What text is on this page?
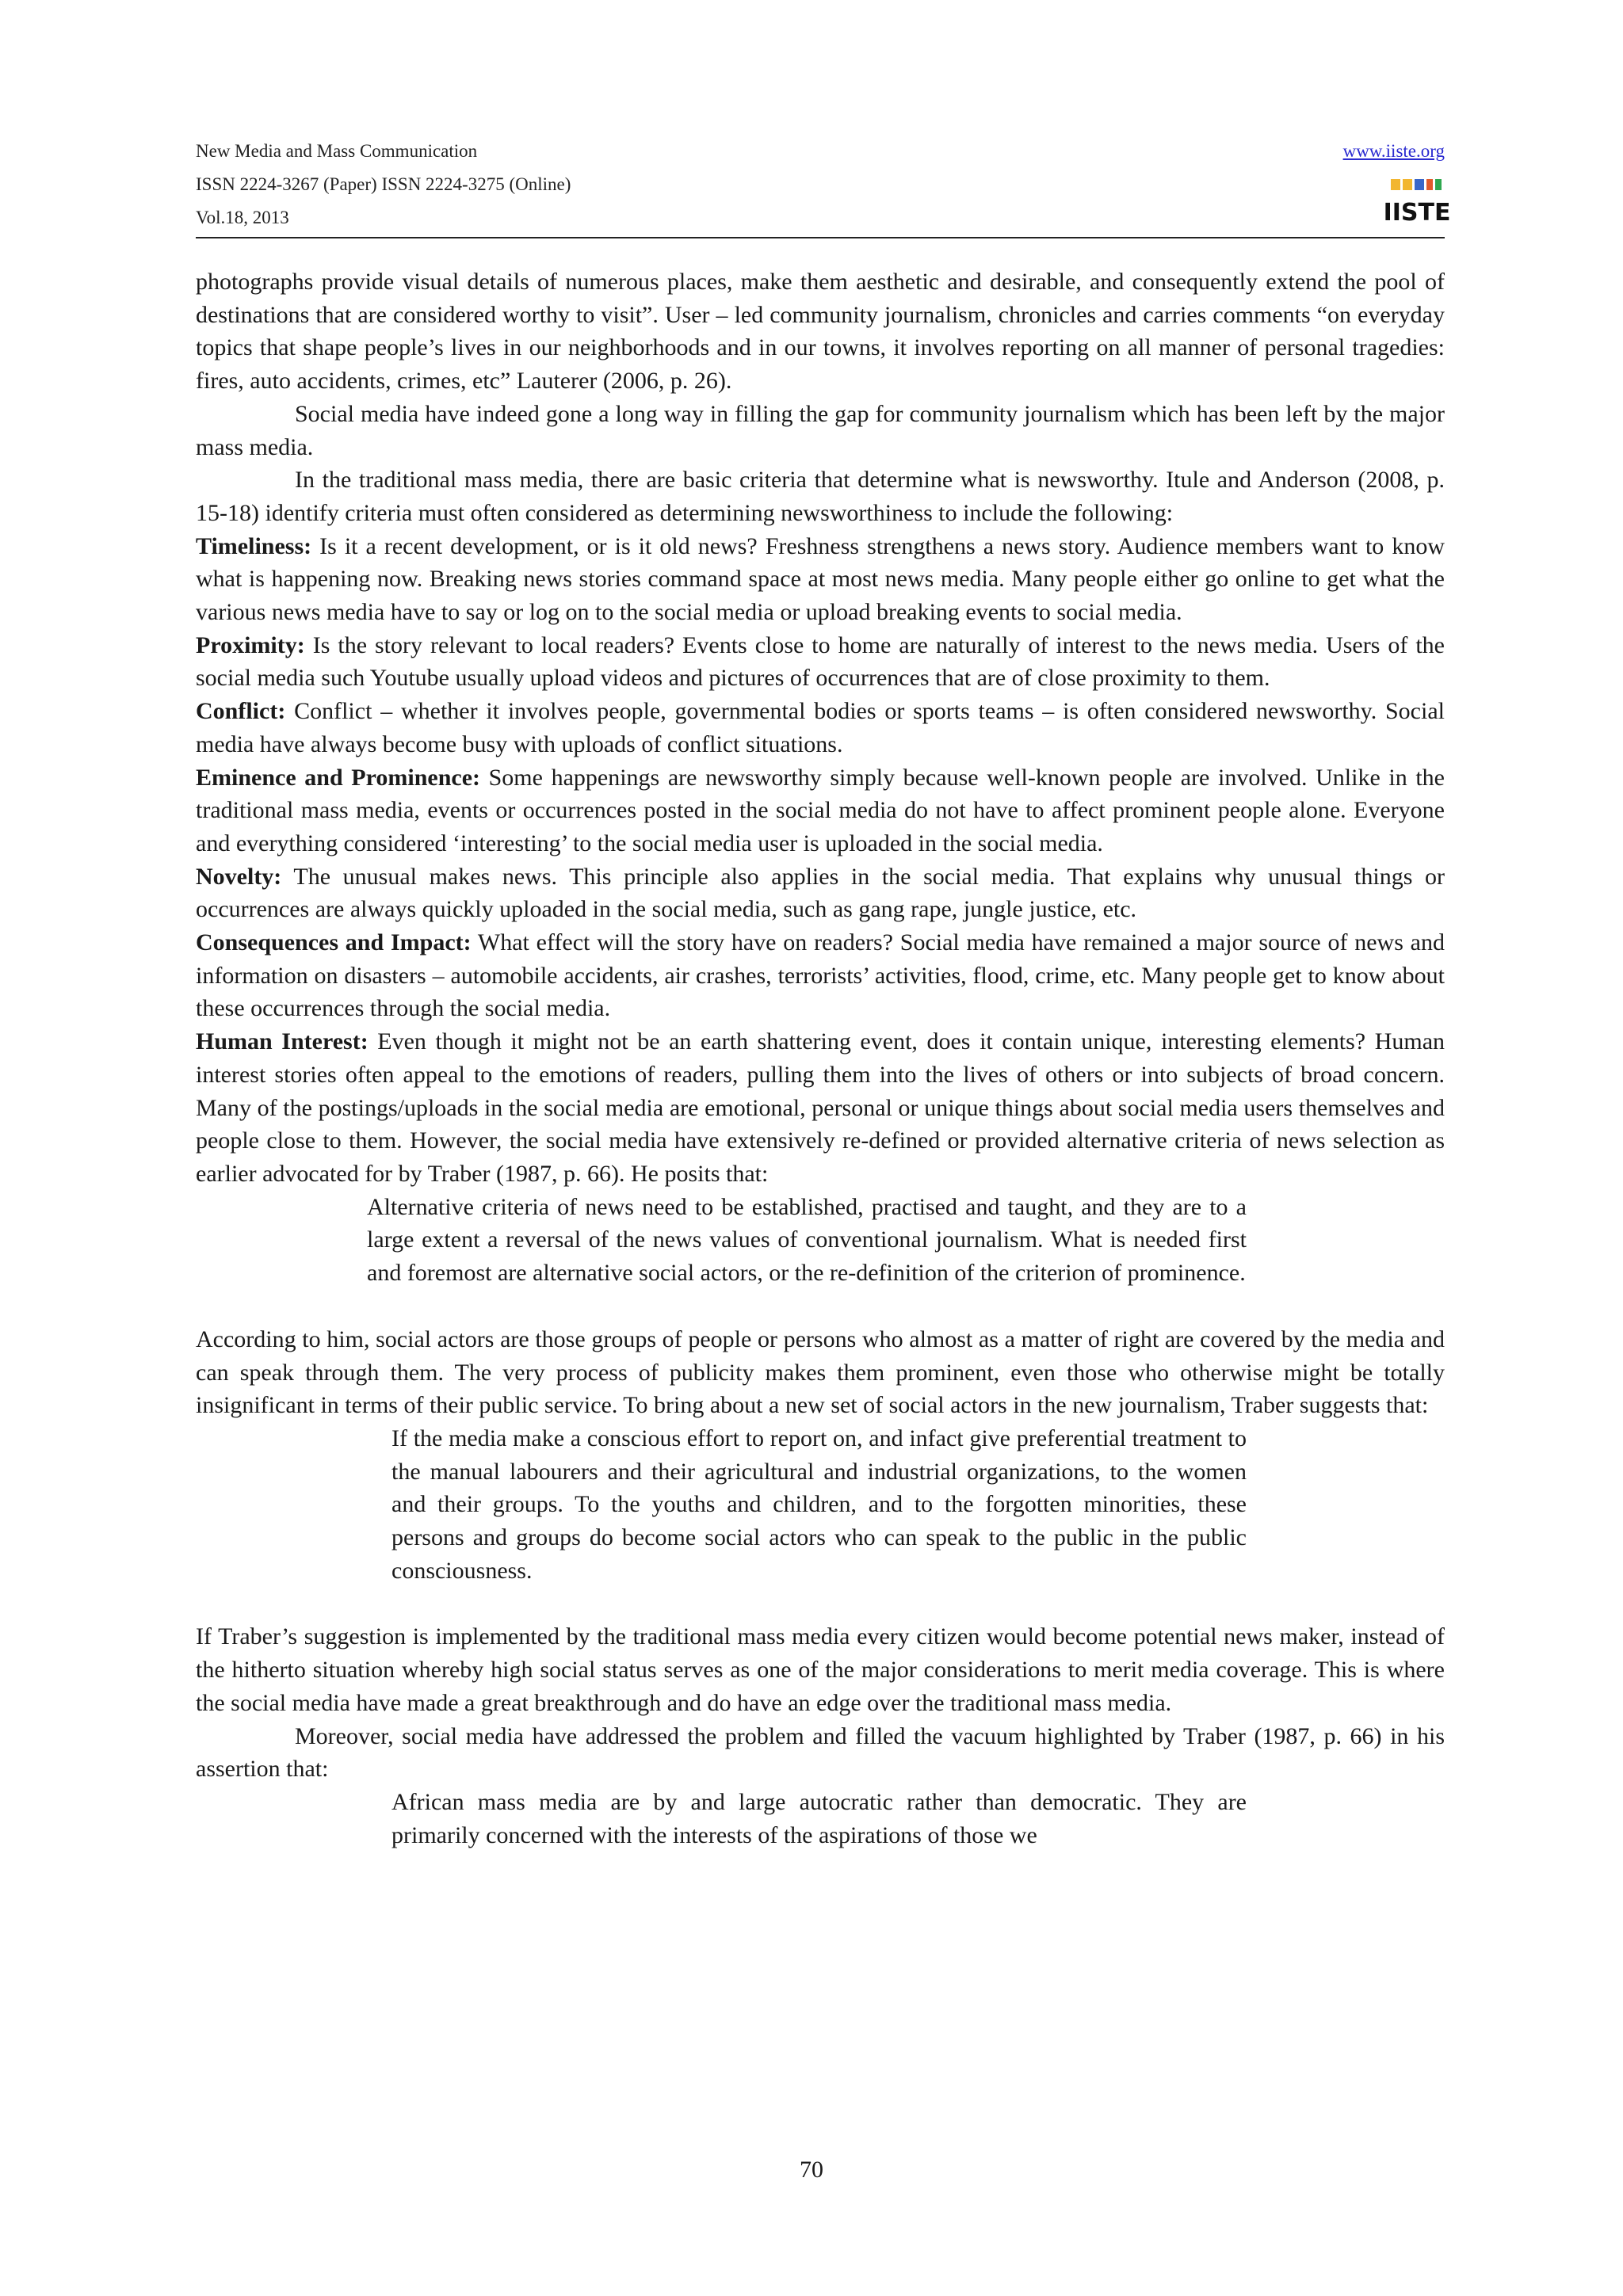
New Media and Mass Communication
ISSN 2224-3267 (Paper) ISSN 2224-3275 (Online)
Vol.18, 2013
www.iiste.org
IISTE

photographs provide visual details of numerous places, make them aesthetic and desirable, and consequently extend the pool of destinations that are considered worthy to visit”. User – led community journalism, chronicles and carries comments “on everyday topics that shape people’s lives in our neighborhoods and in our towns, it involves reporting on all manner of personal tragedies: fires, auto accidents, crimes, etc” Lauterer (2006, p. 26).

Social media have indeed gone a long way in filling the gap for community journalism which has been left by the major mass media.

In the traditional mass media, there are basic criteria that determine what is newsworthy. Itule and Anderson (2008, p. 15-18) identify criteria must often considered as determining newsworthiness to include the following:

Timeliness: Is it a recent development, or is it old news? Freshness strengthens a news story. Audience members want to know what is happening now. Breaking news stories command space at most news media. Many people either go online to get what the various news media have to say or log on to the social media or upload breaking events to social media.

Proximity: Is the story relevant to local readers? Events close to home are naturally of interest to the news media. Users of the social media such Youtube usually upload videos and pictures of occurrences that are of close proximity to them.

Conflict: Conflict – whether it involves people, governmental bodies or sports teams – is often considered newsworthy. Social media have always become busy with uploads of conflict situations.

Eminence and Prominence: Some happenings are newsworthy simply because well-known people are involved. Unlike in the traditional mass media, events or occurrences posted in the social media do not have to affect prominent people alone. Everyone and everything considered ‘interesting’ to the social media user is uploaded in the social media.

Novelty: The unusual makes news. This principle also applies in the social media. That explains why unusual things or occurrences are always quickly uploaded in the social media, such as gang rape, jungle justice, etc.

Consequences and Impact: What effect will the story have on readers? Social media have remained a major source of news and information on disasters – automobile accidents, air crashes, terrorists’ activities, flood, crime, etc. Many people get to know about these occurrences through the social media.

Human Interest: Even though it might not be an earth shattering event, does it contain unique, interesting elements? Human interest stories often appeal to the emotions of readers, pulling them into the lives of others or into subjects of broad concern. Many of the postings/uploads in the social media are emotional, personal or unique things about social media users themselves and people close to them. However, the social media have extensively re-defined or provided alternative criteria of news selection as earlier advocated for by Traber (1987, p. 66). He posits that:

Alternative criteria of news need to be established, practised and taught, and they are to a large extent a reversal of the news values of conventional journalism. What is needed first and foremost are alternative social actors, or the re-definition of the criterion of prominence.

According to him, social actors are those groups of people or persons who almost as a matter of right are covered by the media and can speak through them. The very process of publicity makes them prominent, even those who otherwise might be totally insignificant in terms of their public service. To bring about a new set of social actors in the new journalism, Traber suggests that:

If the media make a conscious effort to report on, and infact give preferential treatment to the manual labourers and their agricultural and industrial organizations, to the women and their groups. To the youths and children, and to the forgotten minorities, these persons and groups do become social actors who can speak to the public in the public consciousness.

If Traber’s suggestion is implemented by the traditional mass media every citizen would become potential news maker, instead of the hitherto situation whereby high social status serves as one of the major considerations to merit media coverage. This is where the social media have made a great breakthrough and do have an edge over the traditional mass media.

Moreover, social media have addressed the problem and filled the vacuum highlighted by Traber (1987, p. 66) in his assertion that:

African mass media are by and large autocratic rather than democratic. They are primarily concerned with the interests of the aspirations of those we

70
